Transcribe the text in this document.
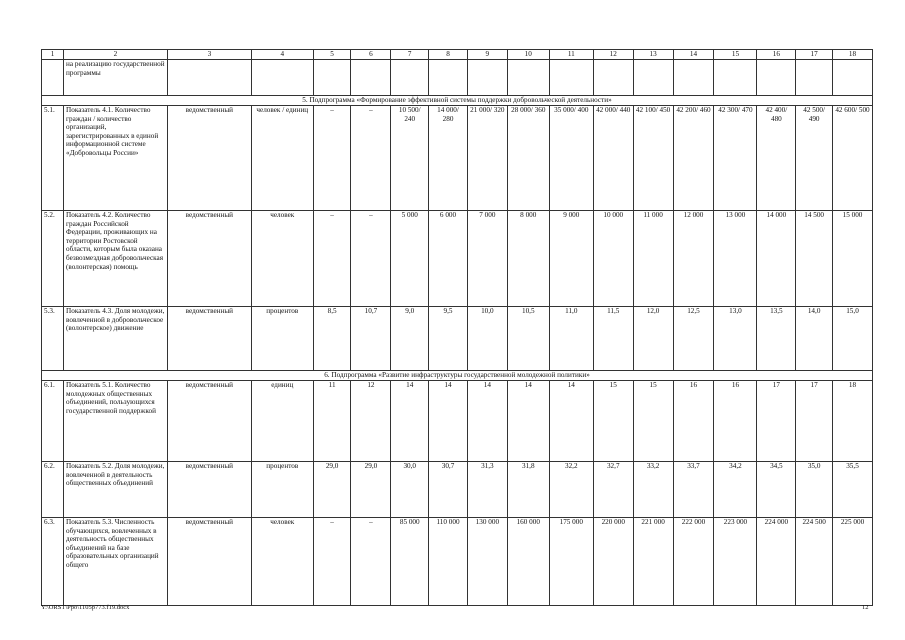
1	2	3	4	5	6	7	8	9	10	11	12	13	14	15	16	17	18
	на реализацию государственной программы																
5. Подпрограмма «Формирование эффективной системы поддержки добровольческой деятельности»																	
5.1.	Показатель 4.1. Количество граждан / количество организаций, зарегистрированных в единой информационной системе «Добровольцы России»	ведомственный	человек / единиц	–	–	10 500/ 240	14 000/ 280	21 000/ 320	28 000/ 360	35 000/ 400	42 000/ 440	42 100/ 450	42 200/ 460	42 300/ 470	42 400/ 480	42 500/ 490	42 600/ 500
5.2.	Показатель 4.2. Количество граждан Российской Федерации, проживающих на территории Ростовской области, которым была оказана безвозмездная добровольческая (волонтерская) помощь	ведомственный	человек	–	–	5 000	6 000	7 000	8 000	9 000	10 000	11 000	12 000	13 000	14 000	14 500	15 000
5.3.	Показатель 4.3. Доля молодежи, вовлеченной в добровольческое (волонтерское) движение	ведомственный	процентов	8,5	10,7	9,0	9,5	10,0	10,5	11,0	11,5	12,0	12,5	13,0	13,5	14,0	15,0
6. Подпрограмма «Развитие инфраструктуры государственной молодежной политики»																	
6.1.	Показатель 5.1. Количество молодежных общественных объединений, пользующихся государственной поддержкой	ведомственный	единиц	11	12	14	14	14	14	14	15	15	16	16	17	17	18
6.2.	Показатель 5.2. Доля молодежи, вовлеченной в деятельность общественных объединений	ведомственный	процентов	29,0	29,0	30,0	30,7	31,3	31,8	32,2	32,7	33,2	33,7	34,2	34,5	35,0	35,5
6.3.	Показатель 5.3. Численность обучающихся, вовлеченных в деятельность общественных объединений на базе образовательных организаций общего	ведомственный	человек	–	–	85 000	110 000	130 000	160 000	175 000	220 000	221 000	222 000	223 000	224 000	224 500	225 000
Y:\ORST\Ppo\1105p773.f19.docx	12
